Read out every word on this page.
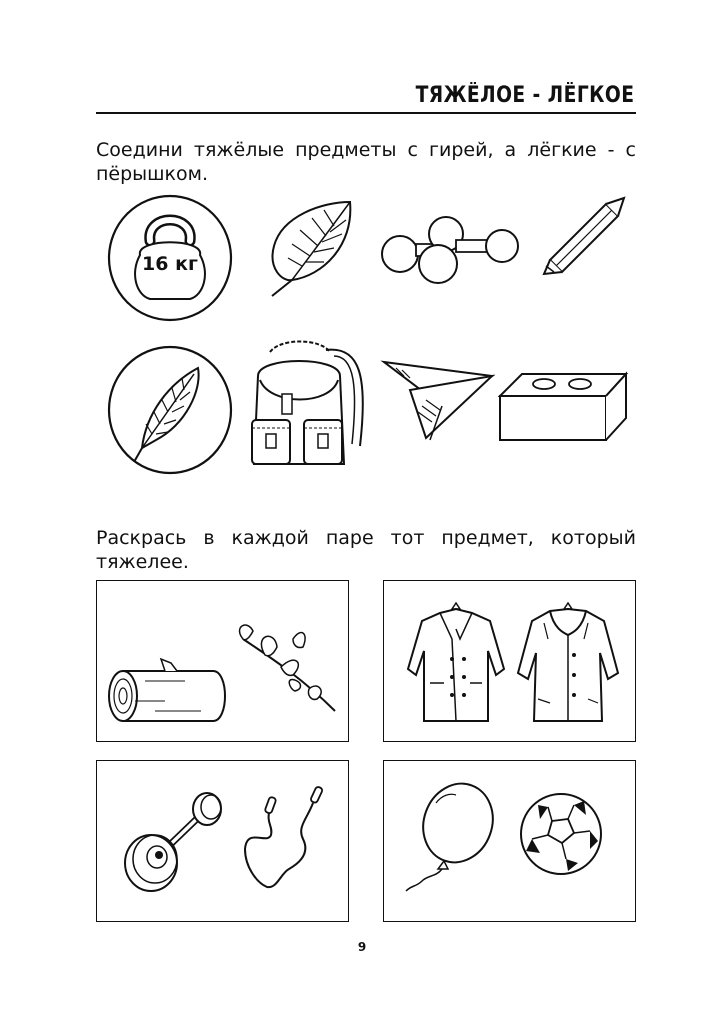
ТЯЖЁЛОЕ - ЛЁГКОЕ
Соедини тяжёлые предметы с гирей, а лёгкие - с пёрышком.
16 кг
Раскрась в каждой паре тот предмет, который тяжелее.
9
